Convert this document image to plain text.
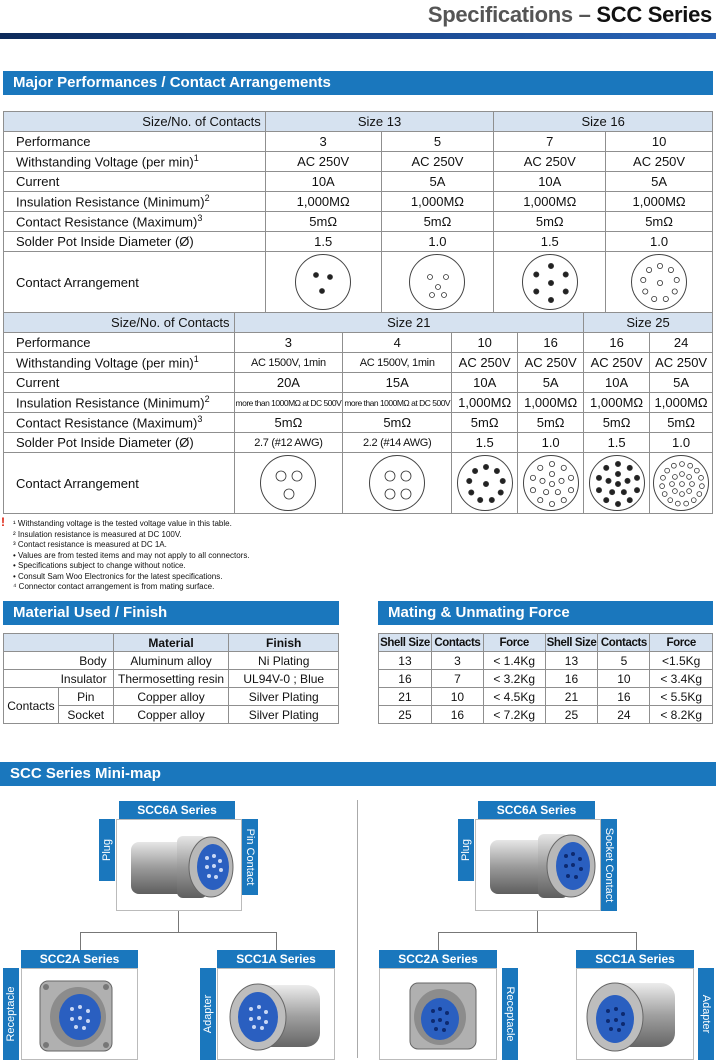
Specifications – SCC Series
Major Performances / Contact Arrangements
Size/No. of Contacts	Size 13		Size 16	
Performance	3	5	7	10
Withstanding Voltage (per min)$^1$	AC 250V	AC 250V	AC 250V	AC 250V
Current	10A	5A	10A	5A
Insulation Resistance (Minimum)$^2$	1,000MΩ	1,000MΩ	1,000MΩ	1,000MΩ
Contact Resistance (Maximum)$^3$	5mΩ	5mΩ	5mΩ	5mΩ
Solder Pot Inside Diameter (Ø)	1.5	1.0	1.5	1.0
Contact Arrangement	

Size/No. of Contacts	Size 21				Size 25	
Performance	3	4	10	16	16	24
Withstanding Voltage (per min)$^1$	AC 1500V, 1min	AC 1500V, 1min	AC 250V	AC 250V	AC 250V	AC 250V
Current	20A	15A	10A	5A	10A	5A
Insulation Resistance (Minimum)$^2$	more than 1000MΩ at DC 500V	more than 1000MΩ at DC 500V	1,000MΩ	1,000MΩ	1,000MΩ	1,000MΩ
Contact Resistance (Maximum)$^3$	5mΩ	5mΩ	5mΩ	5mΩ	5mΩ	5mΩ
Solder Pot Inside Diameter (Ø)	2.7 (#12 AWG)	2.2 (#14 AWG)	1.5	1.0	1.5	1.0
Contact Arrangement	

! ¹ Withstanding voltage is the tested voltage value in this table.
² Insulation resistance is measured at DC 100V.
³ Contact resistance is measured at DC 1A.
• Values are from tested items and may not apply to all connectors.
• Specifications subject to change without notice.
• Consult Sam Woo Electronics for the latest specifications.
⁴ Connector contact arrangement is from mating surface.
Material Used / Finish
		Material	Finish
Body		Aluminum alloy	Ni Plating
Insulator		Thermosetting resin	UL94V-0 ; Blue
Contacts	Pin	Copper alloy	Silver Plating
	Socket	Copper alloy	Silver Plating
Mating & Unmating Force
Shell Size	Contacts	Force	Shell Size	Contacts	Force
13	3	< 1.4Kg	13	5	<1.5Kg
16	7	< 3.2Kg	16	10	< 3.4Kg
21	10	< 4.5Kg	21	16	< 5.5Kg
25	16	< 7.2Kg	25	24	< 8.2Kg
SCC Series Mini-map
SCC6A Series
Plug	Pin Contact
SCC2A Series
Receptacle
SCC1A Series
Adapter
SCC6A Series
Plug	Socket Contact
SCC2A Series
Receptacle
SCC1A Series
Adapter
